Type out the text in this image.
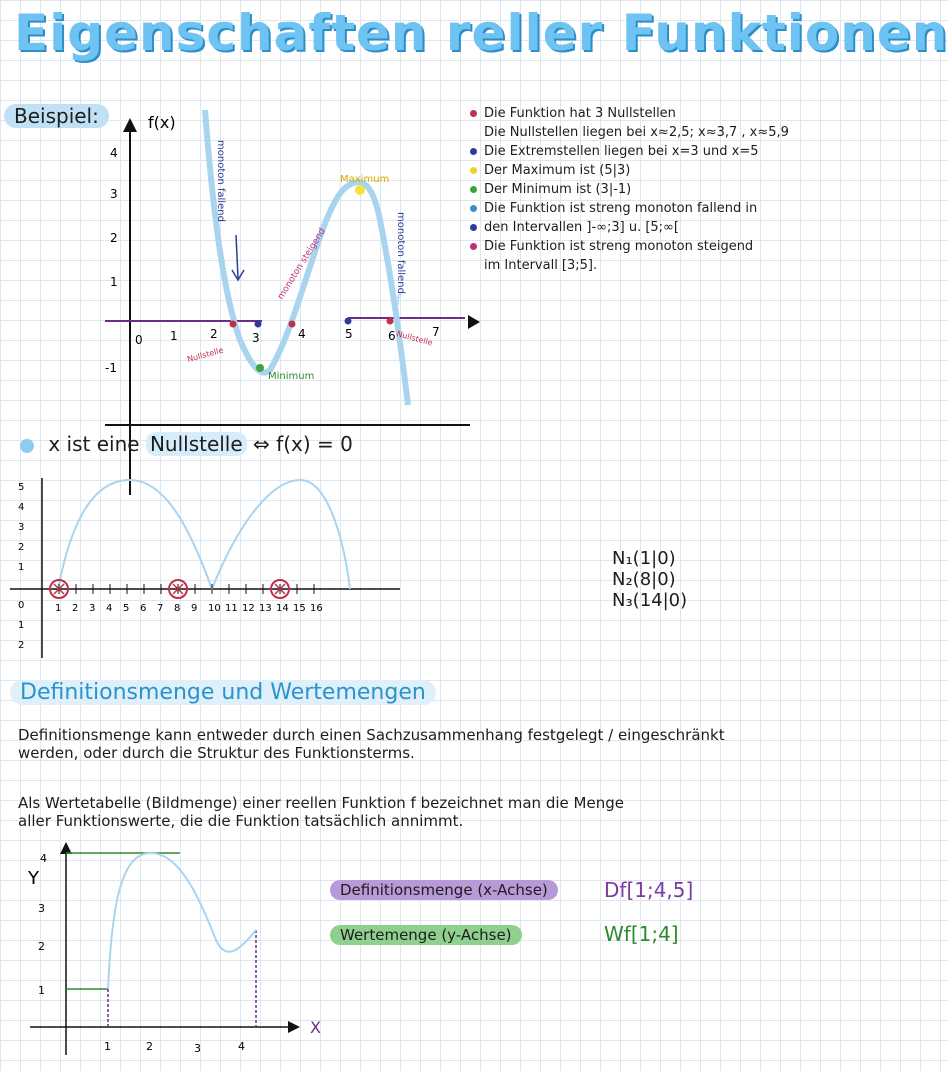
Eigenschaften reller Funktionen
Beispiel:
4
3
2
1
-1
0 1	2	3	4	5	6	7
f(x)
Maximum
Minimum
Nullstelle
Nullstelle
f
monoton fallend
monoton steigend	monoton fallend
Die Funktion hat 3 Nullstellen
Die Nullstellen liegen bei x≈2,5; x≈3,7 , x≈5,9
Die Extremstellen liegen bei x=3 und x=5
Der Maximum ist (5|3)
Der Minimum ist (3|-1)
Die Funktion ist streng monoton fallend in
den Intervallen ]-∞;3] u. [5;∞[
Die Funktion ist streng monoton steigend
im Intervall [3;5].
x ist eine Nullstelle ⇔ f(x) = 0
1 2 3 4 5 6 7 8 9 10 11 12 13 14 15 16
5
4
3
2
1
0
1
2
N₁(1|0)
N₂(8|0)
N₃(14|0)
Definitionsmenge und Wertemengen
Definitionsmenge kann entweder durch einen Sachzusammenhang festgelegt / eingeschränkt
werden, oder durch die Struktur des Funktionsterms.
Als Wertetabelle (Bildmenge) einer reellen Funktion f bezeichnet man die Menge
aller Funktionswerte, die die Funktion tatsächlich annimmt.
Y
X
4
3
2
1
1	2	3	4
Definitionsmenge (x-Achse)
Wertemenge (y-Achse)
Df[1;4,5]
Wf[1;4]
